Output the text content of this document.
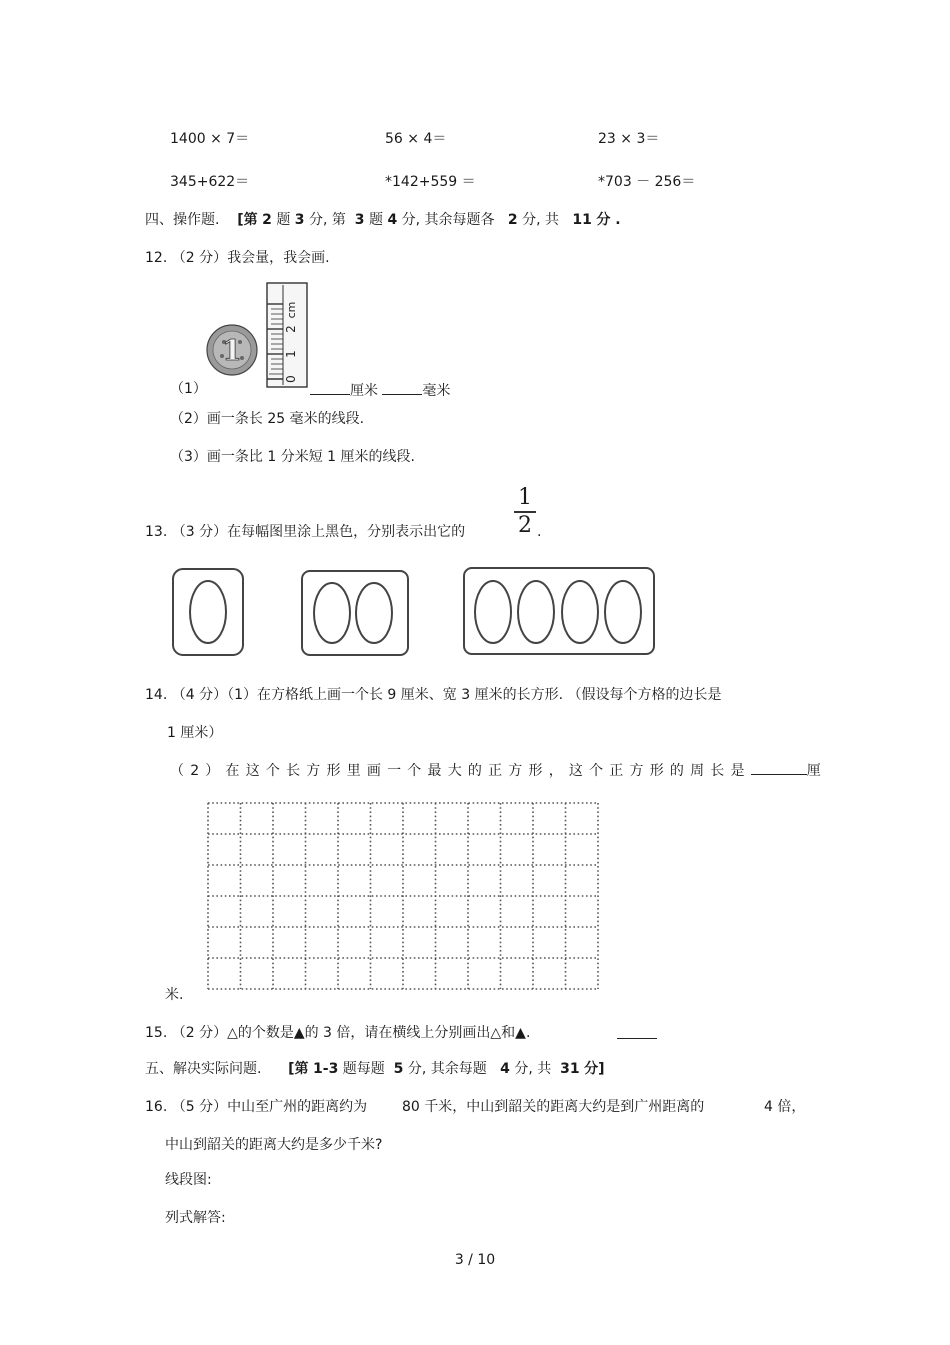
1400 × 7＝	56 × 4＝	23 × 3＝
345+622＝	*142+559 ＝	*703 － 256＝
四、操作题. [第 2 题 3 分, 第 3 题 4 分, 其余每题各 2 分, 共 11 分 .
12. （2 分）我会量，我会画.
1
0
1
2
cm
（1）	厘米	毫米
（2）画一条长 25 毫米的线段.
（3）画一条比 1 分米短 1 厘米的线段.
13. （3 分）在每幅图里涂上黑色，分别表示出它的
1
2 .
14. （4 分）（1）在方格纸上画一个长 9 厘米、宽 3 厘米的长方形. （假设每个方格的边长是
1 厘米）
（2）在这个长方形里画一个最大的正方形，这个正方形的周长是	厘
米.
15. （2 分）△的个数是▲的 3 倍，请在横线上分别画出△和▲.
五、解决实际问题. [第 1-3 题每题 5 分, 其余每题 4 分, 共 31 分]
16. （5 分）中山至广州的距离约为 80 千米，中山到韶关的距离大约是到广州距离的	4 倍，
中山到韶关的距离大约是多少千米?
线段图:
列式解答:
3 / 10
